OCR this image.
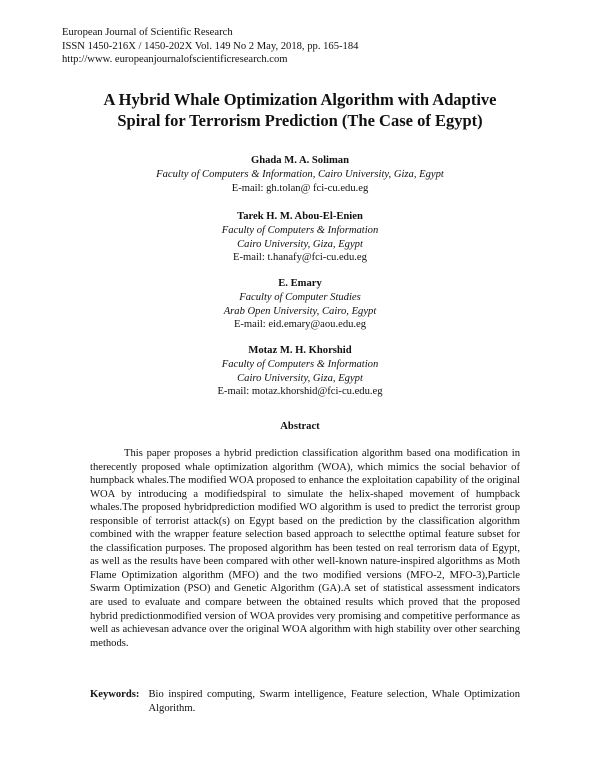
European Journal of Scientific Research
ISSN 1450-216X / 1450-202X Vol. 149 No 2 May, 2018, pp. 165-184
http://www. europeanjournalofscientificresearch.com
A Hybrid Whale Optimization Algorithm with Adaptive
Spiral for Terrorism Prediction (The Case of Egypt)
Ghada M. A. Soliman
Faculty of Computers & Information, Cairo University, Giza, Egypt
E-mail: gh.tolan@ fci-cu.edu.eg
Tarek H. M. Abou-El-Enien
Faculty of Computers & Information
Cairo University, Giza, Egypt
E-mail: t.hanafy@fci-cu.edu.eg
E. Emary
Faculty of Computer Studies
Arab Open University, Cairo, Egypt
E-mail: eid.emary@aou.edu.eg
Motaz M. H. Khorshid
Faculty of Computers & Information
Cairo University, Giza, Egypt
E-mail: motaz.khorshid@fci-cu.edu.eg
Abstract

This paper proposes a hybrid prediction classification algorithm based ona modification in therecently proposed whale optimization algorithm (WOA), which mimics the social behavior of humpback whales.The modified WOA proposed to enhance the exploitation capability of the original WOA by introducing a modifiedspiral to simulate the helix-shaped movement of humpback whales.The proposed hybridprediction modified WO algorithm is used to predict the terrorist group responsible of terrorist attack(s) on Egypt based on the prediction by the classification algorithm combined with the wrapper feature selection based approach to selectthe optimal feature subset for the classification purposes. The proposed algorithm has been tested on real terrorism data of Egypt, as well as the results have been compared with other well-known nature-inspired algorithms as Moth Flame Optimization algorithm (MFO) and the two modified versions (MFO-2, MFO-3),Particle Swarm Optimization (PSO) and Genetic Algorithm (GA).A set of statistical assessment indicators are used to evaluate and compare between the obtained results which proved that the proposed hybrid predictionmodified version of WOA provides very promising and competitive performance as well as achievesan advance over the original WOA algorithm with high stability over other searching methods.

Keywords: Bio inspired computing, Swarm intelligence, Feature selection, Whale Optimization Algorithm.
